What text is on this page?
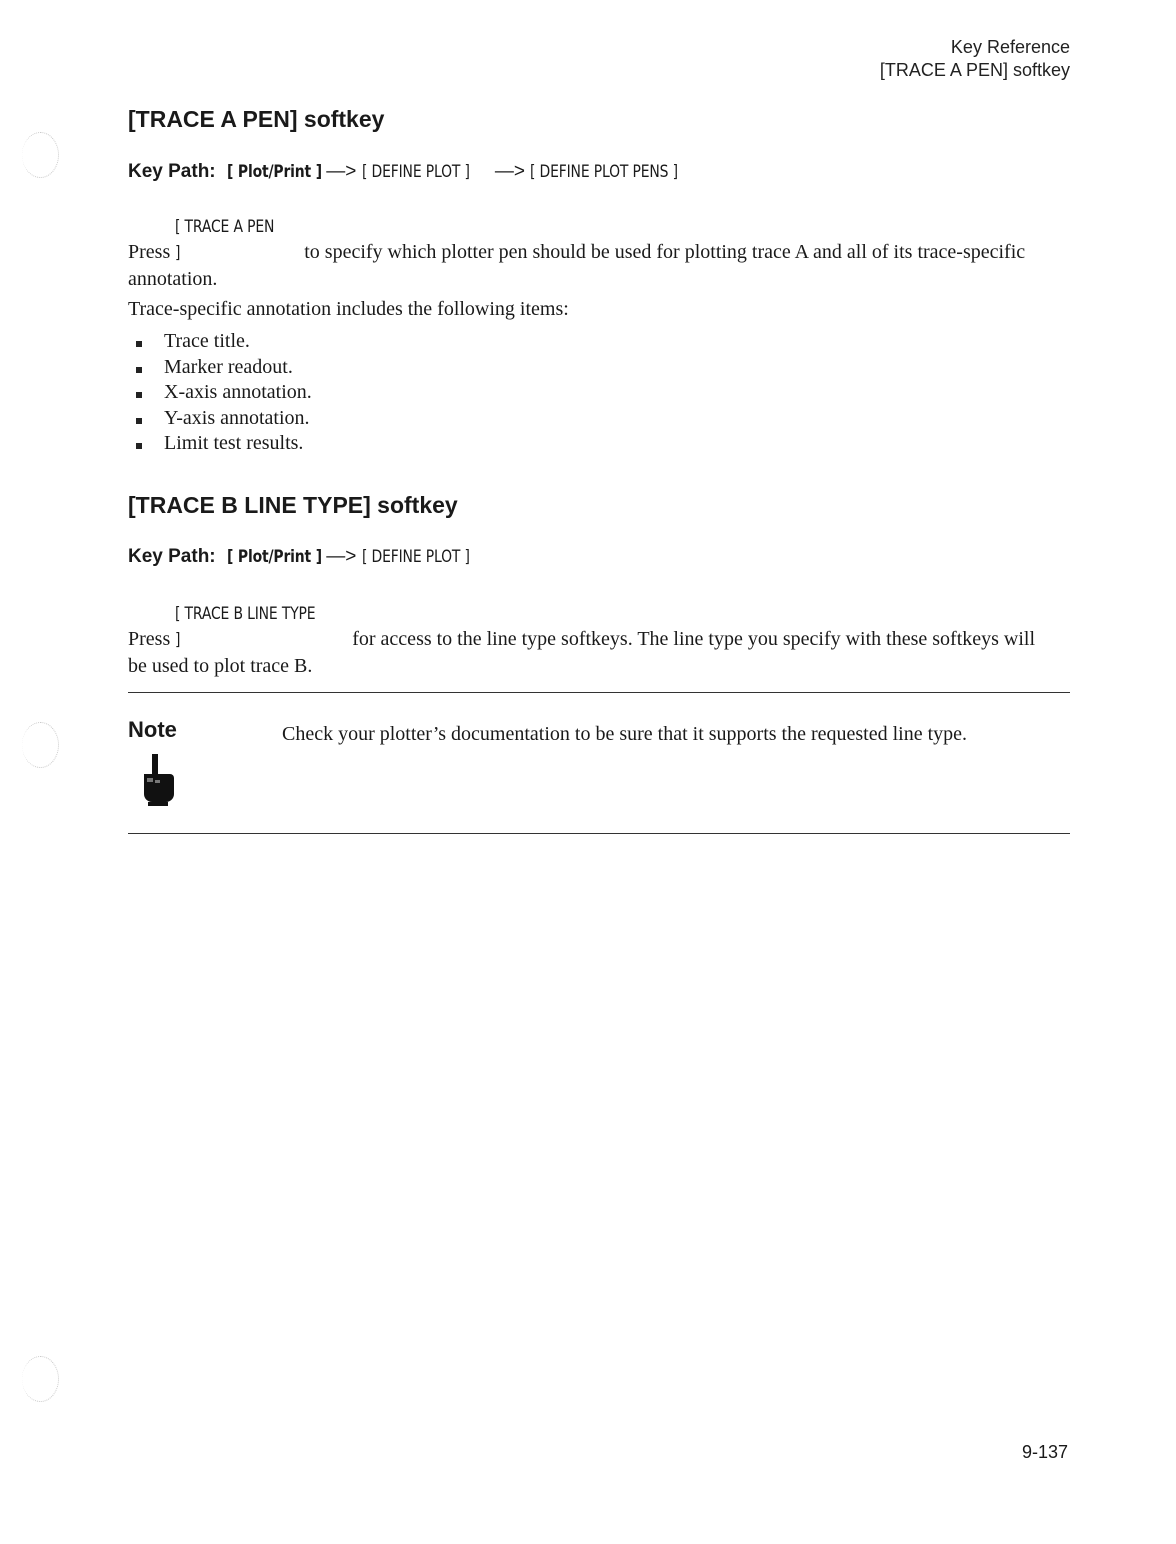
Key Reference
[TRACE A PEN] softkey
[TRACE A PEN] softkey
Key Path: [ Plot/Print ] —> [ DEFINE PLOT ] —> [ DEFINE PLOT PENS ]
Press [ TRACE A PEN ]	to specify which plotter pen should be used for plotting trace A and all of its trace-specific annotation.
Trace-specific annotation includes the following items:
Trace title.
Marker readout.
X-axis annotation.
Y-axis annotation.
Limit test results.
[TRACE B LINE TYPE] softkey
Key Path: [ Plot/Print ] —> [ DEFINE PLOT ]
Press [ TRACE B LINE TYPE ]	for access to the line type softkeys. The line type you specify with these softkeys will be used to plot trace B.
Note	Check your plotter’s documentation to be sure that it supports the requested line type.
9-137
